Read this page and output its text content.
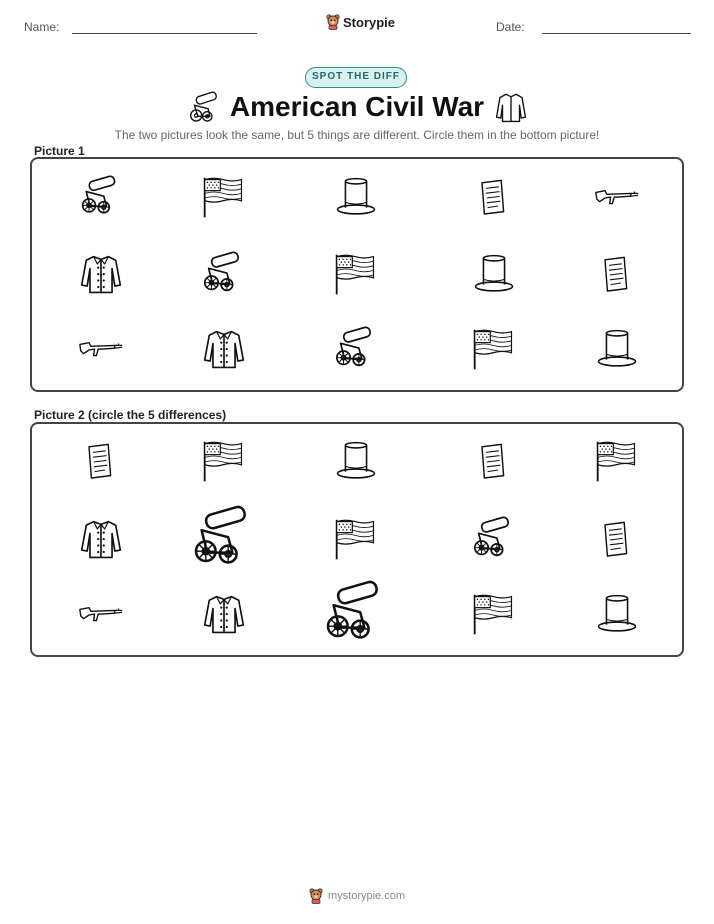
Name:	Storypie	Date:
SPOT THE DIFF
American Civil War
The two pictures look the same, but 5 things are different. Circle them in the bottom picture!
Picture 1
Picture 2 (circle the 5 differences)
mystorypie.com
